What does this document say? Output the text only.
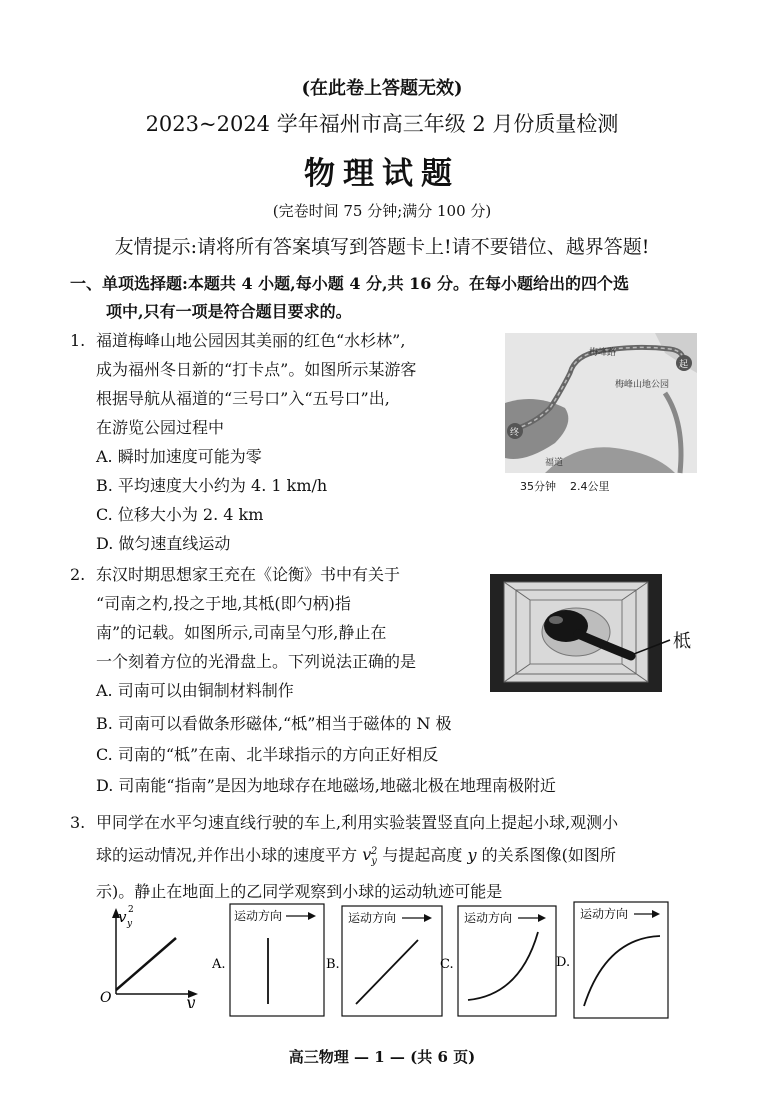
(在此卷上答题无效)
2023~2024 学年福州市高三年级 2 月份质量检测
物理试题
(完卷时间 75 分钟;满分 100 分)
友情提示:请将所有答案填写到答题卡上!请不要错位、越界答题!
一、单项选择题:本题共 4 小题,每小题 4 分,共 16 分。在每小题给出的四个选
项中,只有一项是符合题目要求的。
1. 福道梅峰山地公园因其美丽的红色“水杉林”,
成为福州冬日新的“打卡点”。如图所示某游客
根据导航从福道的“三号口”入“五号口”出,
在游览公园过程中
A. 瞬时加速度可能为零
B. 平均速度大小约为 4. 1 km/h
C. 位移大小为 2. 4 km
D. 做匀速直线运动
梅峰路
梅峰山地公园
福道
起
终
35分钟 2.4公里
2. 东汉时期思想家王充在《论衡》书中有关于
“司南之杓,投之于地,其柢(即勺柄)指
南”的记载。如图所示,司南呈勺形,静止在
一个刻着方位的光滑盘上。下列说法正确的是
A. 司南可以由铜制材料制作
B. 司南可以看做条形磁体,“柢”相当于磁体的 N 极
C. 司南的“柢”在南、北半球指示的方向正好相反
D. 司南能“指南”是因为地球存在地磁场,地磁北极在地理南极附近
柢
3. 甲同学在水平匀速直线行驶的车上,利用实验装置竖直向上提起小球,观测小
球的运动情况,并作出小球的速度平方 $v_y^2$ 与提起高度 y 的关系图像(如图所
示)。静止在地面上的乙同学观察到小球的运动轨迹可能是
v 2
y
y
O
A.
运动方向
B.
运动方向
C.
运动方向
D.
运动方向
高三物理 — 1 — (共 6 页)
